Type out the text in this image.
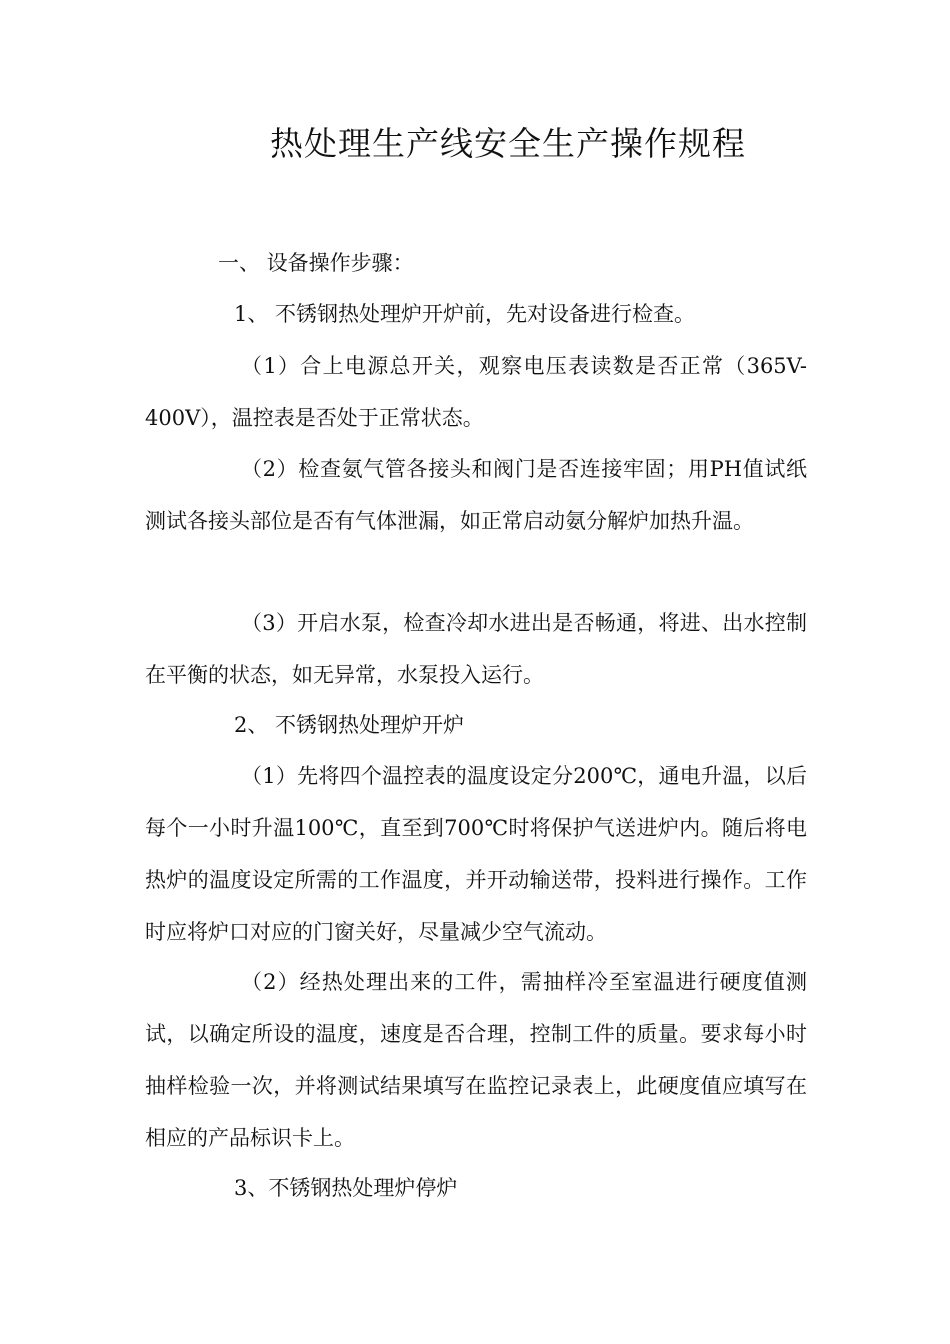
热处理生产线安全生产操作规程
一、 设备操作步骤：
1、 不锈钢热处理炉开炉前，先对设备进行检查。

（1）合上电源总开关，观察电压表读数是否正常（365V-400V），温控表是否处于正常状态。

（2）检查氨气管各接头和阀门是否连接牢固；用PH值试纸测试各接头部位是否有气体泄漏，如正常启动氨分解炉加热升温。

（3）开启水泵，检查冷却水进出是否畅通，将进、出水控制在平衡的状态，如无异常，水泵投入运行。

2、 不锈钢热处理炉开炉

（1）先将四个温控表的温度设定分200℃，通电升温，以后每个一小时升温100℃，直至到700℃时将保护气送进炉内。随后将电热炉的温度设定所需的工作温度，并开动输送带，投料进行操作。工作时应将炉口对应的门窗关好，尽量减少空气流动。

（2）经热处理出来的工件，需抽样冷至室温进行硬度值测试，以确定所设的温度，速度是否合理，控制工件的质量。要求每小时抽样检验一次，并将测试结果填写在监控记录表上，此硬度值应填写在相应的产品标识卡上。

3、不锈钢热处理炉停炉
